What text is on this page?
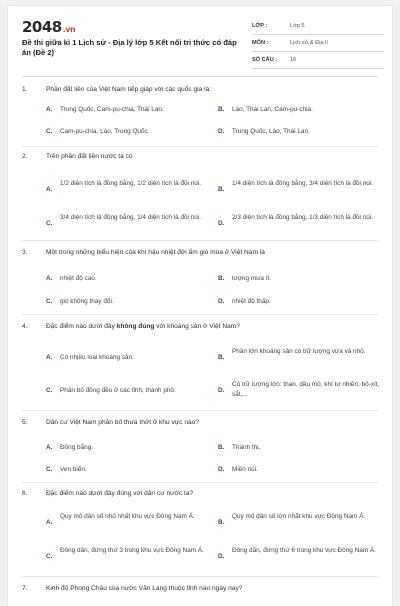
2048.vn
Đề thi giữa kì 1 Lịch sử - Địa lý lớp 5 Kết nối tri thức có đáp án (Đề 2)
LỚP :	Lớp 5
MÔN :	Lịch sử & Địa lí
SỐ CÂU : 16
1.	Phần đất liền của Việt Nam tiếp giáp với các quốc gia là:
A. Trung Quốc, Cam-pu-chia, Thái Lan.	B. Lào, Thái Lan, Cam-pu-chia.
C. Cam-pu-chia, Lào, Trung Quốc.	D. Trung Quốc, Lào, Thái Lan.
2.	Trên phần đất liền nước ta có
A.
1/2 diện tích là đồng bằng, 1/2 diện tích là đồi núi.
B.
1/4 diện tích là đồng bằng, 3/4 diện tích là đồi núi.
C.
3/4 diện tích là đồng bằng, 1/4 diện tích là đồi núi.
D.
2/3 diện tích là đồng bằng, 1/3 diện tích là đồi núi.
3.	Một trong những biểu hiện của khí hậu nhiệt đới ẩm gió mùa ở Việt Nam là
A. nhiệt độ cao.	B. lượng mưa ít.
C. gió không thay đổi.	D. nhiệt độ thấp.
4.	Đặc điểm nào dưới đây không đúng với khoáng sản ở Việt Nam?
A. Có nhiều loại khoáng sản.	B.
Phần lớn khoáng sản có trữ lượng vừa và nhỏ.
C. Phân bố đồng đều ở các tỉnh, thành phố.	D.
Có trữ lượng lớn: than, dầu mỏ, khí tự nhiên, bô-xít, sắt,...
5.	Dân cư Việt Nam phân bố thưa thớt ở khu vực nào?
A. Đồng bằng.	B. Thành thị.
C. Ven biển.	D. Miền núi.
6.	Đặc điểm nào dưới đây đúng với dân cư nước ta?
A.
Quy mô dân số nhỏ nhất khu vực Đông Nam Á.
B.
Quy mô dân số lớn nhất khu vực Đông Nam Á.
C.
Đông dân, đứng thứ 3 trong khu vực Đông Nam Á.
D.
Đông dân, đứng thứ 6 trong khu vực Đông Nam Á.
7.	Kinh đô Phong Châu của nước Văn Lang thuộc tỉnh nào ngày nay?
